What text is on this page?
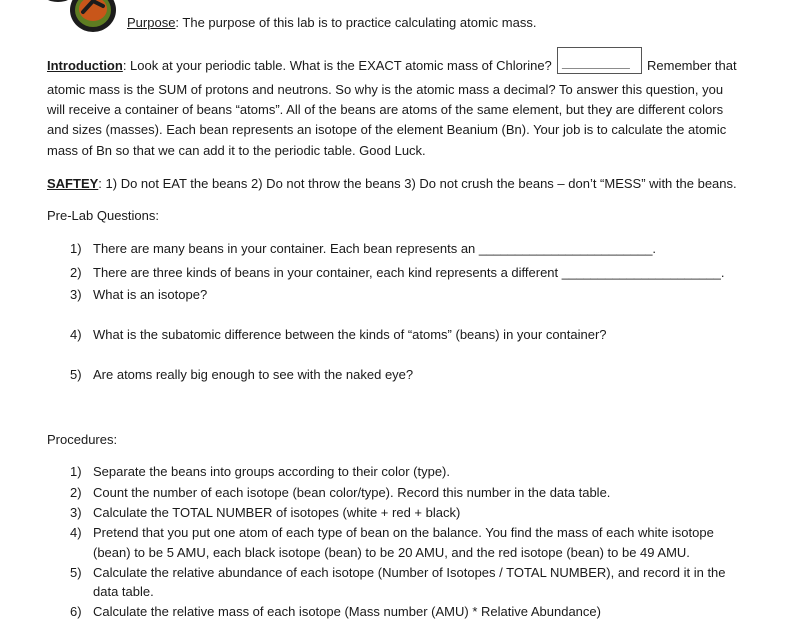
Purpose: The purpose of this lab is to practice calculating atomic mass.
Introduction: Look at your periodic table. What is the EXACT atomic mass of Chlorine? __________ Remember that
atomic mass is the SUM of protons and neutrons. So why is the atomic mass a decimal? To answer this question, you
will receive a container of beans “atoms”. All of the beans are atoms of the same element, but they are different colors
and sizes (masses). Each bean represents an isotope of the element Beanium (Bn). Your job is to calculate the atomic
mass of Bn so that we can add it to the periodic table. Good Luck.
SAFTEY: 1) Do not EAT the beans 2) Do not throw the beans 3) Do not crush the beans – don’t “MESS” with the beans.
Pre-Lab Questions:
1) There are many beans in your container. Each bean represents an ________________________.
2) There are three kinds of beans in your container, each kind represents a different ______________________.
3) What is an isotope?
4) What is the subatomic difference between the kinds of “atoms” (beans) in your container?
5) Are atoms really big enough to see with the naked eye?
Procedures:
1) Separate the beans into groups according to their color (type).
2) Count the number of each isotope (bean color/type). Record this number in the data table.
3) Calculate the TOTAL NUMBER of isotopes (white + red + black)
4) Pretend that you put one atom of each type of bean on the balance. You find the mass of each white isotope
(bean) to be 5 AMU, each black isotope (bean) to be 20 AMU, and the red isotope (bean) to be 49 AMU.
5) Calculate the relative abundance of each isotope (Number of Isotopes / TOTAL NUMBER), and record it in the
data table.
6) Calculate the relative mass of each isotope (Mass number (AMU) * Relative Abundance)
